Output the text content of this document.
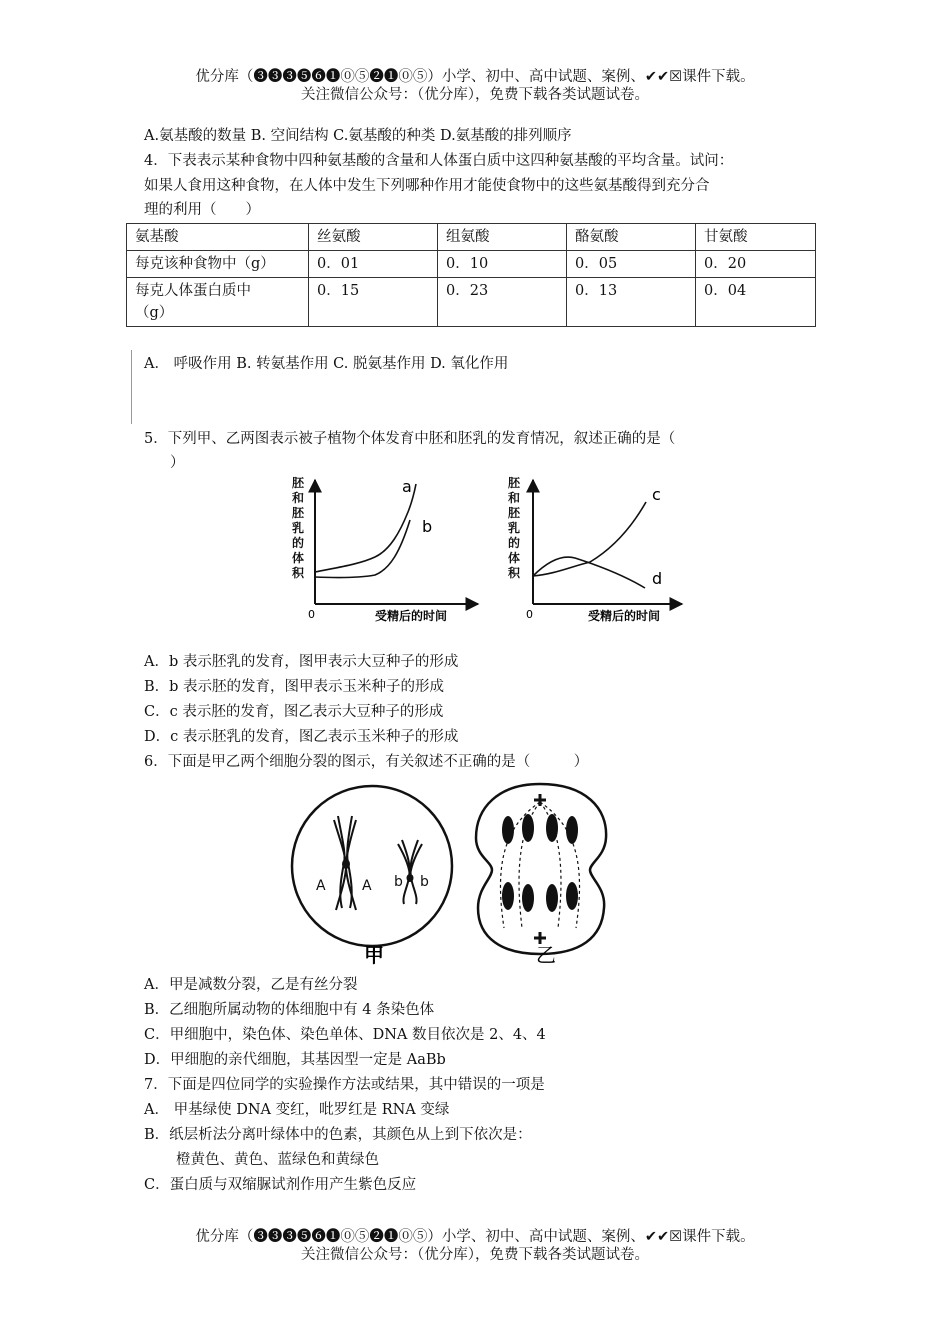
优分库（❸❸❸❺❻❶⓪⑤❷❶⓪⑤）小学、初中、高中试题、案例、✔✔☒课件下载。
关注微信公众号：（优分库），免费下载各类试题试卷。
A.氨基酸的数量 B. 空间结构 C.氨基酸的种类 D.氨基酸的排列顺序
4．下表表示某种食物中四种氨基酸的含量和人体蛋白质中这四种氨基酸的平均含量。试问：
如果人食用这种食物，在人体中发生下列哪种作用才能使食物中的这些氨基酸得到充分合
理的利用（　　）
氨基酸	丝氨酸	组氨酸	酪氨酸	甘氨酸
每克该种食物中（g）	0．01	0．10	0．05	0．20
每克人体蛋白质中
（g）	0．15	0．23	0．13	0．04
A． 呼吸作用 B. 转氨基作用 C. 脱氨基作用 D. 氧化作用
5．下列甲、乙两图表示被子植物个体发育中胚和胚乳的发育情况，叙述正确的是（
）
胚
和
胚
乳
的
体
积
0	受精后的时间
a
b
胚
和
胚
乳
的
体
积
0	受精后的时间
c
d
A．b 表示胚乳的发育，图甲表示大豆种子的形成
B．b 表示胚的发育，图甲表示玉米种子的形成
C．c 表示胚的发育，图乙表示大豆种子的形成
D．c 表示胚乳的发育，图乙表示玉米种子的形成
6．下面是甲乙两个细胞分裂的图示，有关叙述不正确的是（　　　）
A	A b b
甲	乙
A．甲是减数分裂，乙是有丝分裂
B．乙细胞所属动物的体细胞中有 4 条染色体
C．甲细胞中，染色体、染色单体、DNA 数目依次是 2、4、4
D．甲细胞的亲代细胞，其基因型一定是 AaBb
7．下面是四位同学的实验操作方法或结果，其中错误的一项是
A． 甲基绿使 DNA 变红，吡罗红是 RNA 变绿
B．纸层析法分离叶绿体中的色素，其颜色从上到下依次是：
橙黄色、黄色、蓝绿色和黄绿色
C．蛋白质与双缩脲试剂作用产生紫色反应
优分库（❸❸❸❺❻❶⓪⑤❷❶⓪⑤）小学、初中、高中试题、案例、✔✔☒课件下载。
关注微信公众号：（优分库），免费下载各类试题试卷。
